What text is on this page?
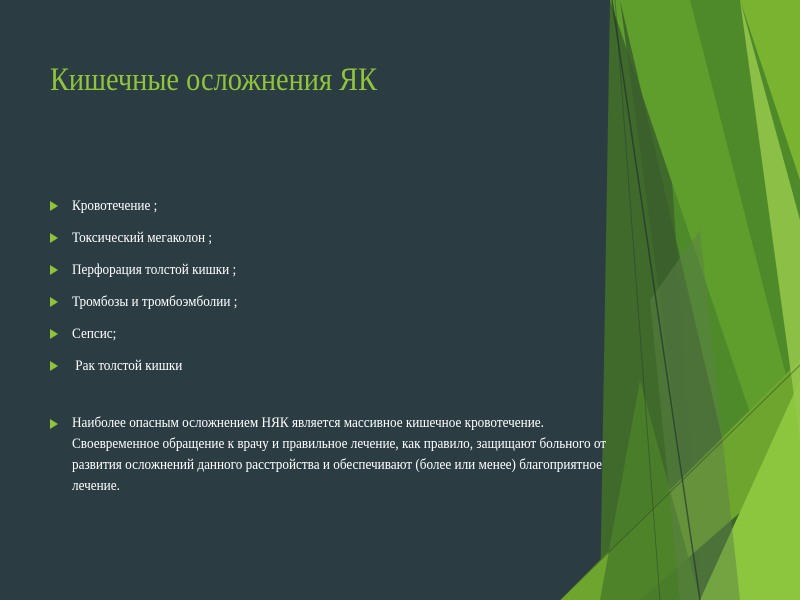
Кишечные осложнения ЯК
Кровотечение ;
Токсический мегаколон ;
Перфорация толстой кишки ;
Тромбозы и тромбоэмболии ;
Сепсис;
Рак толстой кишки

Наиболее опасным осложнением НЯК является массивное кишечное кровотечение.

Своевременное обращение к врачу и правильное лечение, как правило, защищают больного от развития осложнений данного расстройства и обеспечивают (более или менее) благоприятное лечение.
